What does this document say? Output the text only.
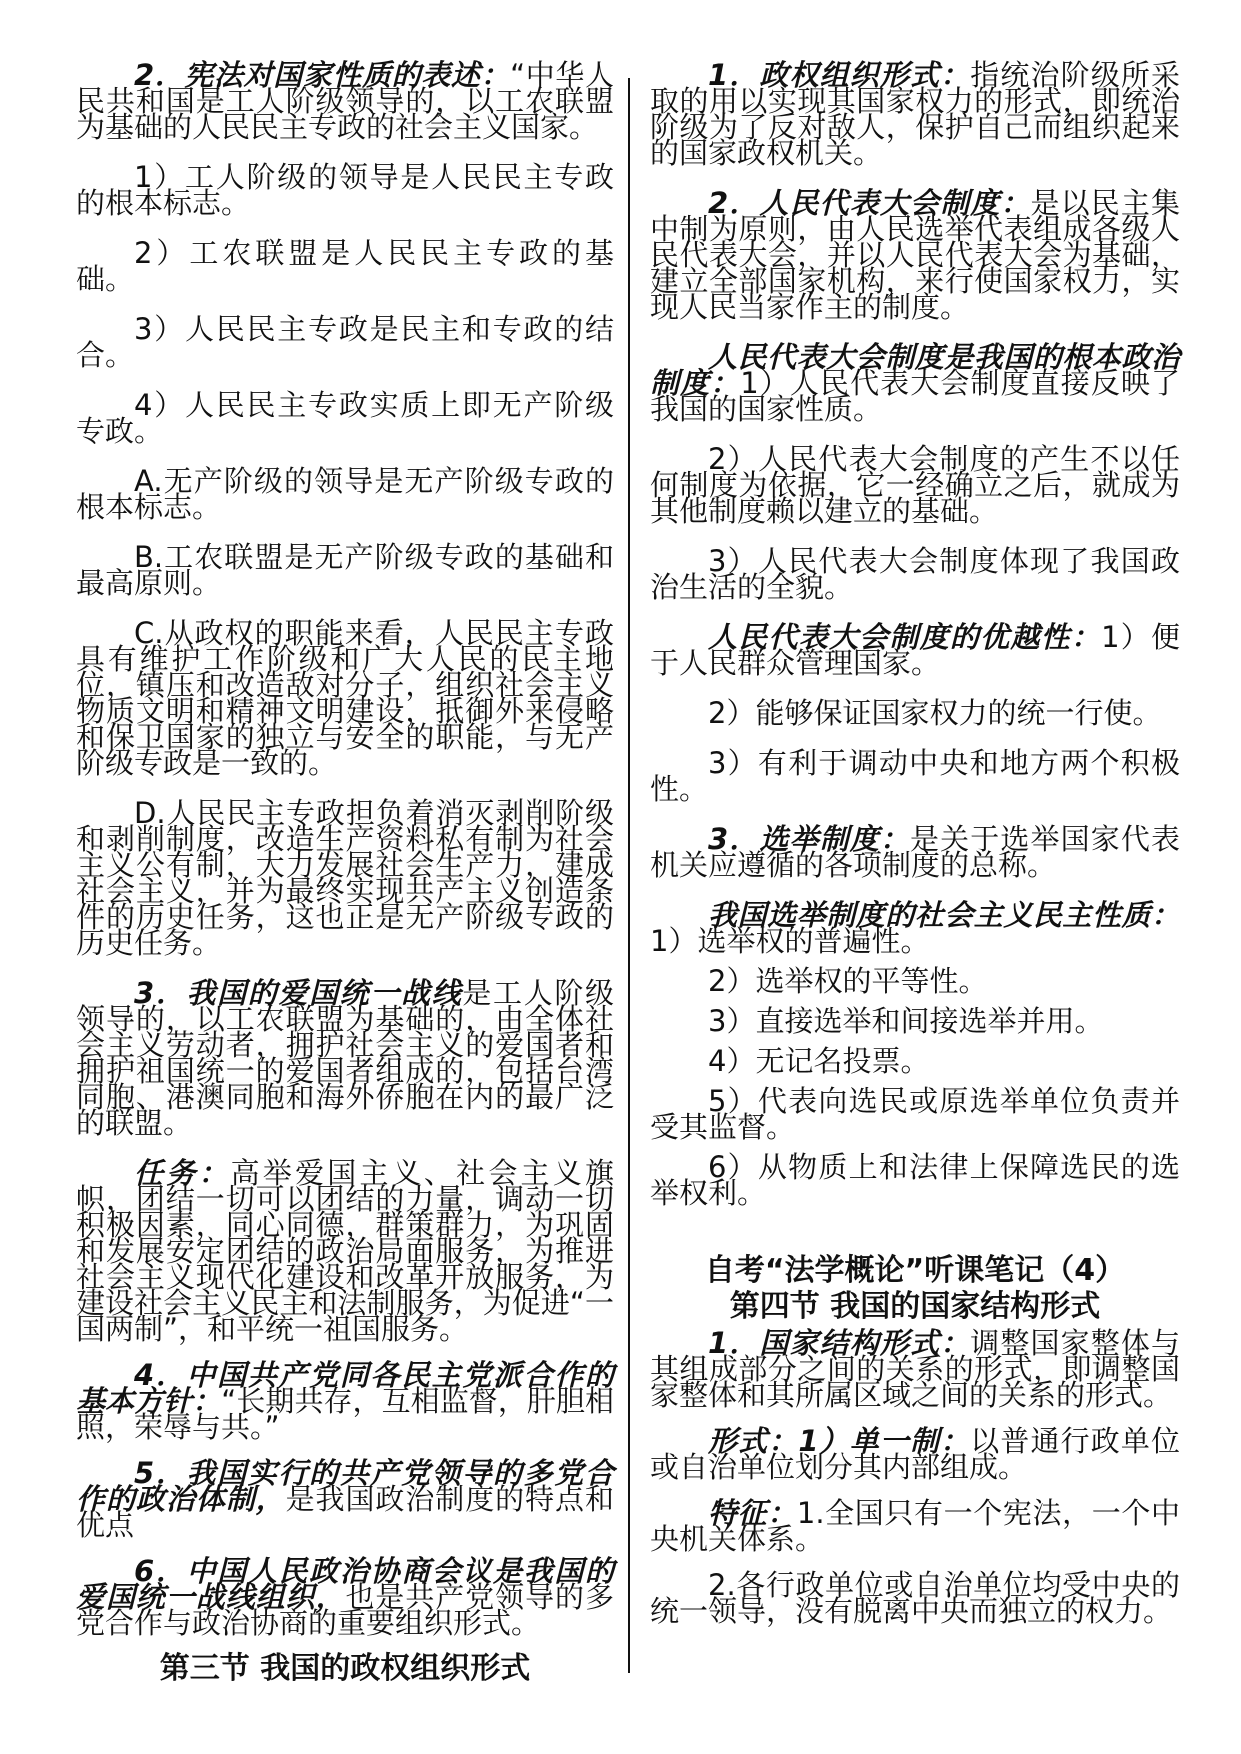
2．宪法对国家性质的表述：“中华人民共和国是工人阶级领导的，以工农联盟为基础的人民民主专政的社会主义国家。

1）工人阶级的领导是人民民主专政的根本标志。

2）工农联盟是人民民主专政的基础。

3）人民民主专政是民主和专政的结合。

4）人民民主专政实质上即无产阶级专政。

A.无产阶级的领导是无产阶级专政的根本标志。

B.工农联盟是无产阶级专政的基础和最高原则。

C.从政权的职能来看，人民民主专政具有维护工作阶级和广大人民的民主地位，镇压和改造敌对分子，组织社会主义物质文明和精神文明建设，抵御外来侵略和保卫国家的独立与安全的职能，与无产阶级专政是一致的。

D.人民民主专政担负着消灭剥削阶级和剥削制度，改造生产资料私有制为社会主义公有制，大力发展社会生产力，建成社会主义，并为最终实现共产主义创造条件的历史任务，这也正是无产阶级专政的历史任务。

3．我国的爱国统一战线是工人阶级领导的，以工农联盟为基础的，由全体社会主义劳动者，拥护社会主义的爱国者和拥护祖国统一的爱国者组成的，包括台湾同胞、港澳同胞和海外侨胞在内的最广泛的联盟。

任务：高举爱国主义、社会主义旗帜，团结一切可以团结的力量，调动一切积极因素，同心同德，群策群力，为巩固和发展安定团结的政治局面服务，为推进社会主义现代化建设和改革开放服务，为建设社会主义民主和法制服务，为促进“一国两制”，和平统一祖国服务。

4．中国共产党同各民主党派合作的基本方针：“长期共存，互相监督，肝胆相照，荣辱与共。”

5．我国实行的共产党领导的多党合作的政治体制，是我国政治制度的特点和优点

6．中国人民政治协商会议是我国的爱国统一战线组织，也是共产党领导的多党合作与政治协商的重要组织形式。

第三节 我国的政权组织形式

1．政权组织形式：指统治阶级所采取的用以实现其国家权力的形式，即统治阶级为了反对敌人，保护自己而组织起来的国家政权机关。

2．人民代表大会制度：是以民主集中制为原则，由人民选举代表组成各级人民代表大会，并以人民代表大会为基础，建立全部国家机构，来行使国家权力，实现人民当家作主的制度。

人民代表大会制度是我国的根本政治制度：1）人民代表大会制度直接反映了我国的国家性质。

2）人民代表大会制度的产生不以任何制度为依据，它一经确立之后，就成为其他制度赖以建立的基础。

3）人民代表大会制度体现了我国政治生活的全貌。

人民代表大会制度的优越性：1）便于人民群众管理国家。

2）能够保证国家权力的统一行使。

3）有利于调动中央和地方两个积极性。

3．选举制度：是关于选举国家代表机关应遵循的各项制度的总称。

我国选举制度的社会主义民主性质：1）选举权的普遍性。

2）选举权的平等性。

3）直接选举和间接选举并用。

4）无记名投票。

5）代表向选民或原选举单位负责并受其监督。

6）从物质上和法律上保障选民的选举权利。

自考“法学概论”听课笔记（4）

第四节 我国的国家结构形式

1．国家结构形式：调整国家整体与其组成部分之间的关系的形式，即调整国家整体和其所属区域之间的关系的形式。

形式：1）单一制：以普通行政单位或自治单位划分其内部组成。

特征：1.全国只有一个宪法，一个中央机关体系。

2.各行政单位或自治单位均受中央的统一领导，没有脱离中央而独立的权力。
